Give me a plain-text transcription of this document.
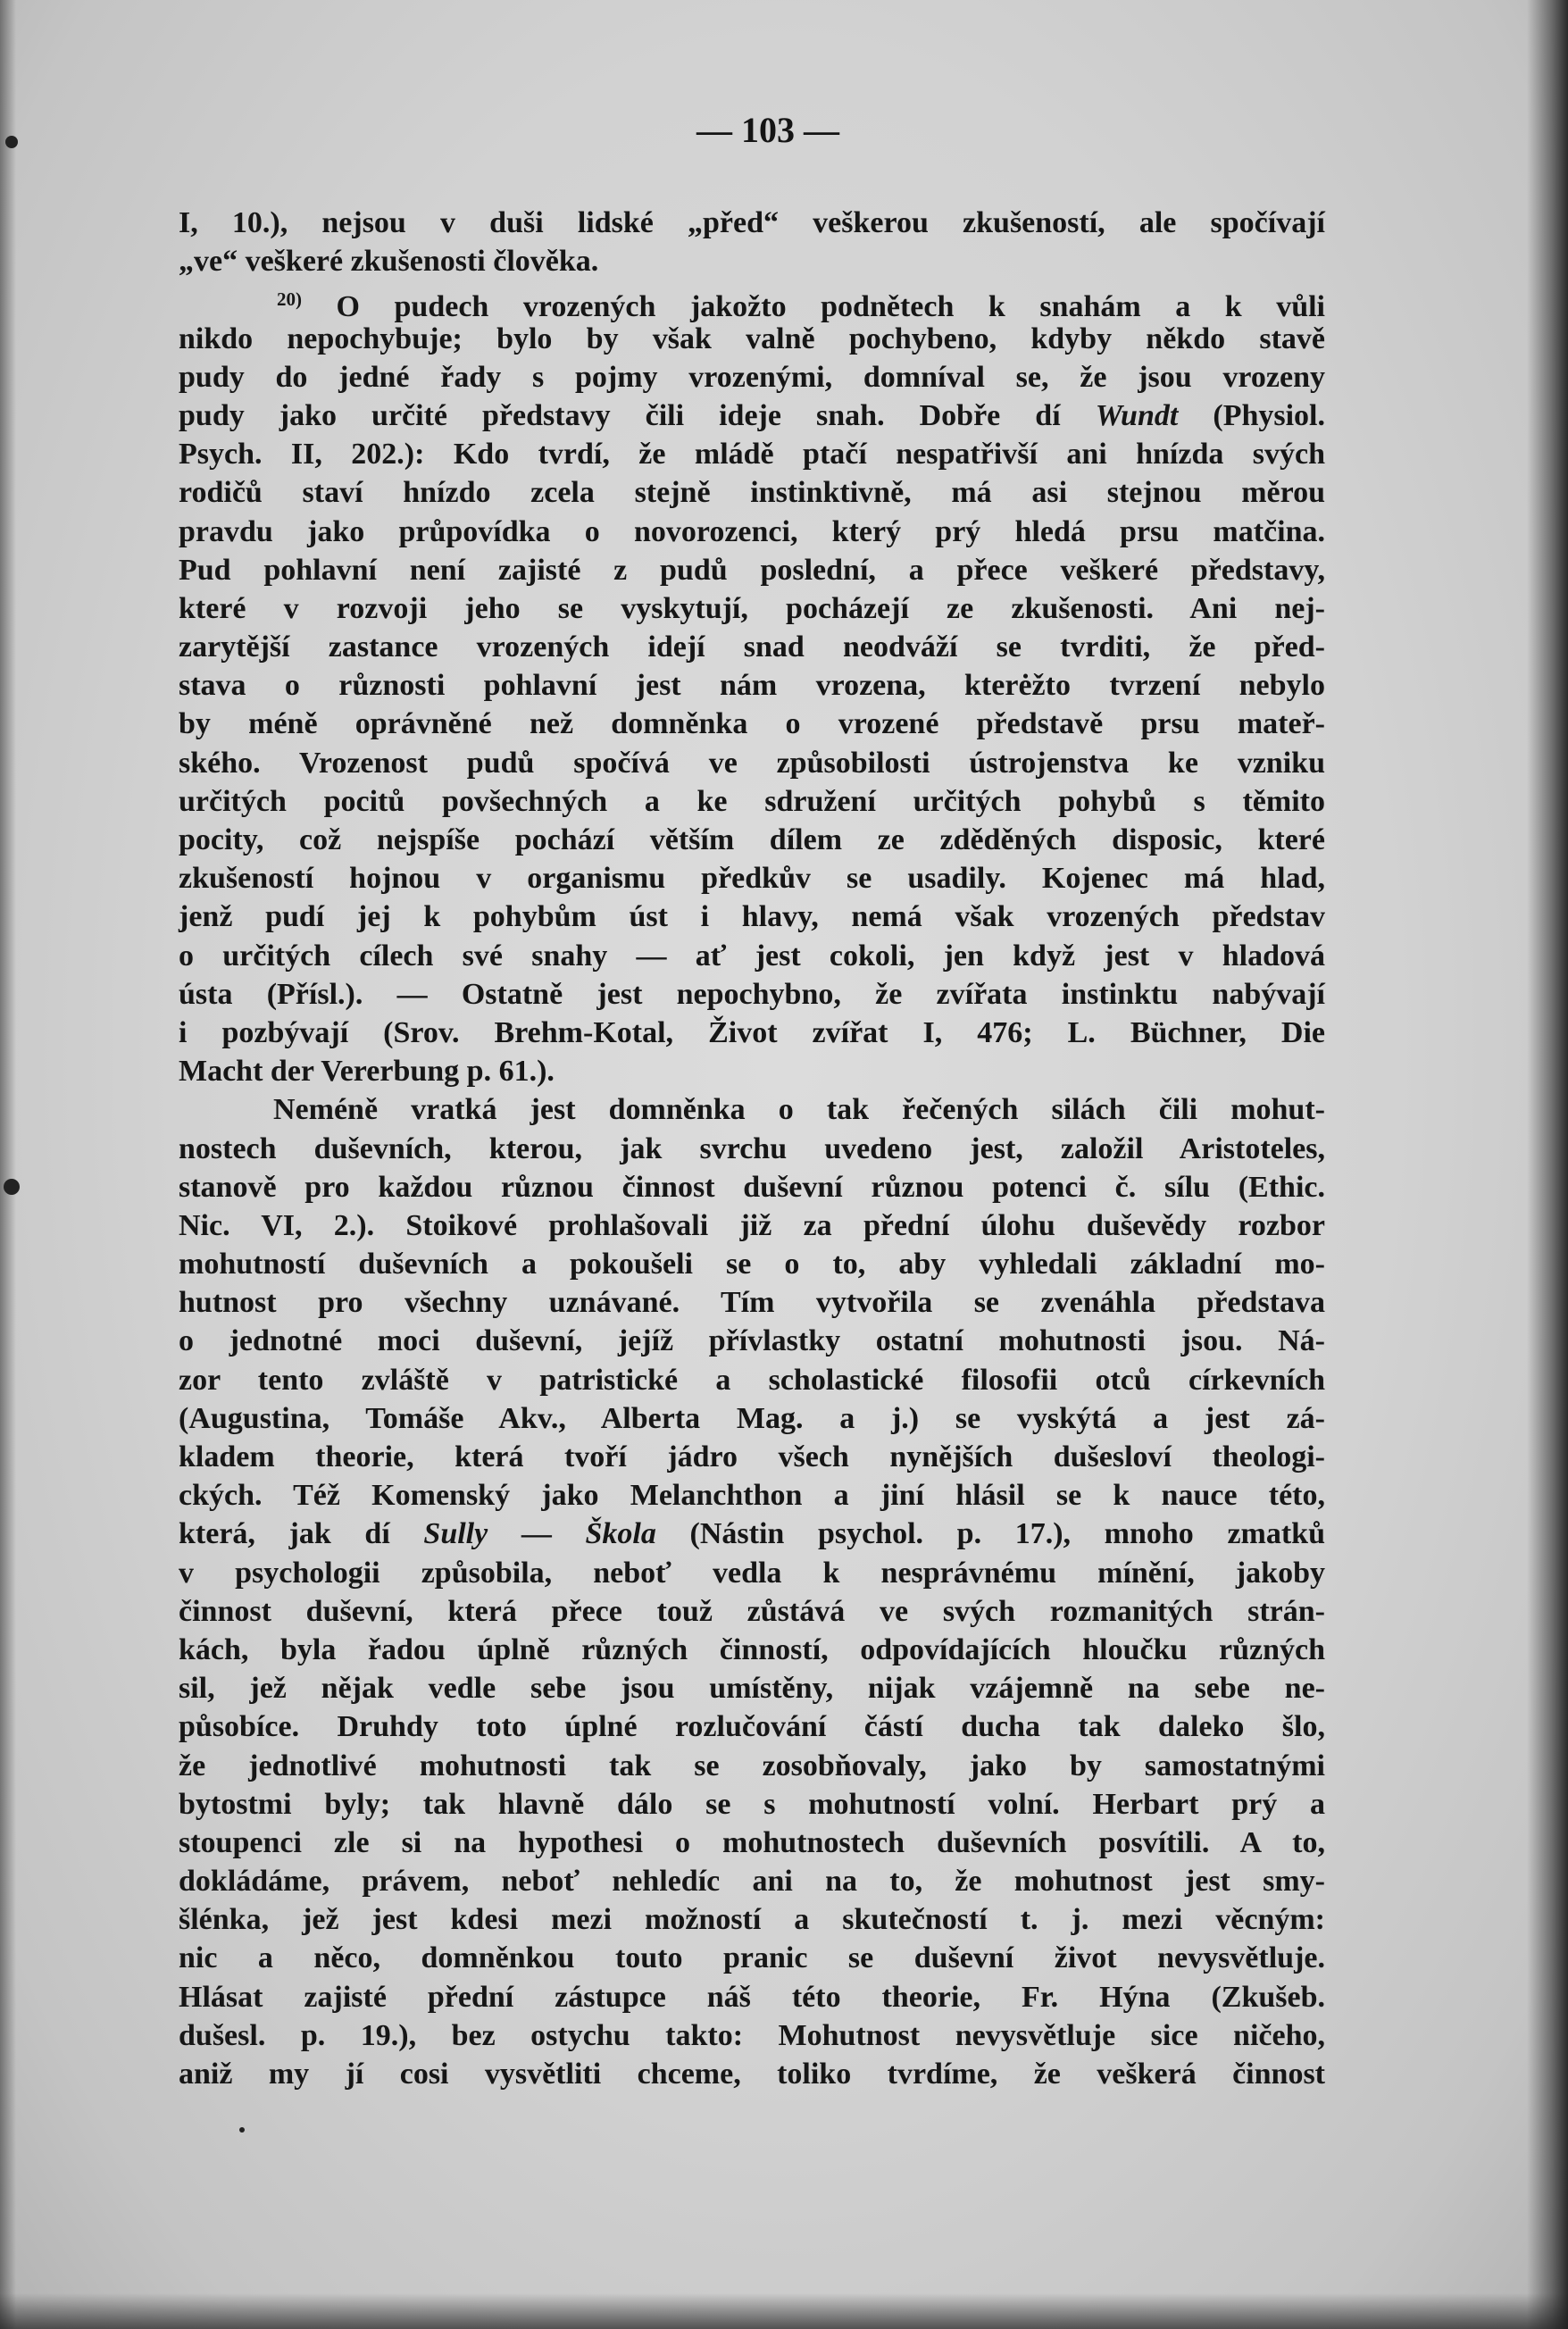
— 103 —
I, 10.), nejsou v duši lidské „před“ veškerou zkušeností, ale spočívají
„ve“ veškeré zkušenosti člověka.
$^{20)}$ O pudech vrozených jakožto podnětech k snahám a k vůli
nikdo nepochybuje; bylo by však valně pochybeno, kdyby někdo stavě
pudy do jedné řady s pojmy vrozenými, domníval se, že jsou vrozeny
pudy jako určité představy čili ideje snah. Dobře dí Wundt (Physiol.
Psych. II, 202.): Kdo tvrdí, že mládě ptačí nespatřivší ani hnízda svých
rodičů staví hnízdo zcela stejně instinktivně, má asi stejnou měrou
pravdu jako průpovídka o novorozenci, který prý hledá prsu matčina.
Pud pohlavní není zajisté z pudů poslední, a přece veškeré představy,
které v rozvoji jeho se vyskytují, pocházejí ze zkušenosti. Ani nej-
zarytější zastance vrozených idejí snad neodváží se tvrditi, že před-
stava o různosti pohlavní jest nám vrozena, kterėžto tvrzení nebylo
by méně oprávněné než domněnka o vrozené představě prsu mateř-
ského. Vrozenost pudů spočívá ve způsobilosti ústrojenstva ke vzniku
určitých pocitů povšechných a ke sdružení určitých pohybů s těmito
pocity, což nejspíše pochází větším dílem ze zděděných disposic, které
zkušeností hojnou v organismu předkův se usadily. Kojenec má hlad,
jenž pudí jej k pohybům úst i hlavy, nemá však vrozených představ
o určitých cílech své snahy — ať jest cokoli, jen když jest v hladová
ústa (Přísl.). — Ostatně jest nepochybno, že zvířata instinktu nabývají
i pozbývají (Srov. Brehm-Kotal, Život zvířat I, 476; L. Büchner, Die
Macht der Vererbung p. 61.).
Neméně vratká jest domněnka o tak řečených silách čili mohut-
nostech duševních, kterou, jak svrchu uvedeno jest, založil Aristoteles,
stanově pro každou různou činnost duševní různou potenci č. sílu (Ethic.
Nic. VI, 2.). Stoikové prohlašovali již za přední úlohu duševědy rozbor
mohutností duševních a pokoušeli se o to, aby vyhledali základní mo-
hutnost pro všechny uznávané. Tím vytvořila se zvenáhla představa
o jednotné moci duševní, jejíž přívlastky ostatní mohutnosti jsou. Ná-
zor tento zvláště v patristické a scholastické filosofii otců církevních
(Augustina, Tomáše Akv., Alberta Mag. a j.) se vyskýtá a jest zá-
kladem theorie, která tvoří jádro všech nynějších dušesloví theologi-
ckých. Též Komenský jako Melanchthon a jiní hlásil se k nauce této,
která, jak dí Sully — Škola (Nástin psychol. p. 17.), mnoho zmatků
v psychologii způsobila, neboť vedla k nesprávnému mínění, jakoby
činnost duševní, která přece touž zůstává ve svých rozmanitých strán-
kách, byla řadou úplně různých činností, odpovídajících hloučku různých
sil, jež nějak vedle sebe jsou umístěny, nijak vzájemně na sebe ne-
působíce. Druhdy toto úplné rozlučování částí ducha tak daleko šlo,
že jednotlivé mohutnosti tak se zosobňovaly, jako by samostatnými
bytostmi byly; tak hlavně dálo se s mohutností volní. Herbart prý a
stoupenci zle si na hypothesi o mohutnostech duševních posvítili. A to,
dokládáme, právem, neboť nehledíc ani na to, že mohutnost jest smy-
šlénka, jež jest kdesi mezi možností a skutečností t. j. mezi věcným:
nic a něco, domněnkou touto pranic se duševní život nevysvětluje.
Hlásat zajisté přední zástupce náš této theorie, Fr. Hýna (Zkušeb.
dušesl. p. 19.), bez ostychu takto: Mohutnost nevysvětluje sice ničeho,
aniž my jí cosi vysvětliti chceme, toliko tvrdíme, že veškerá činnost
